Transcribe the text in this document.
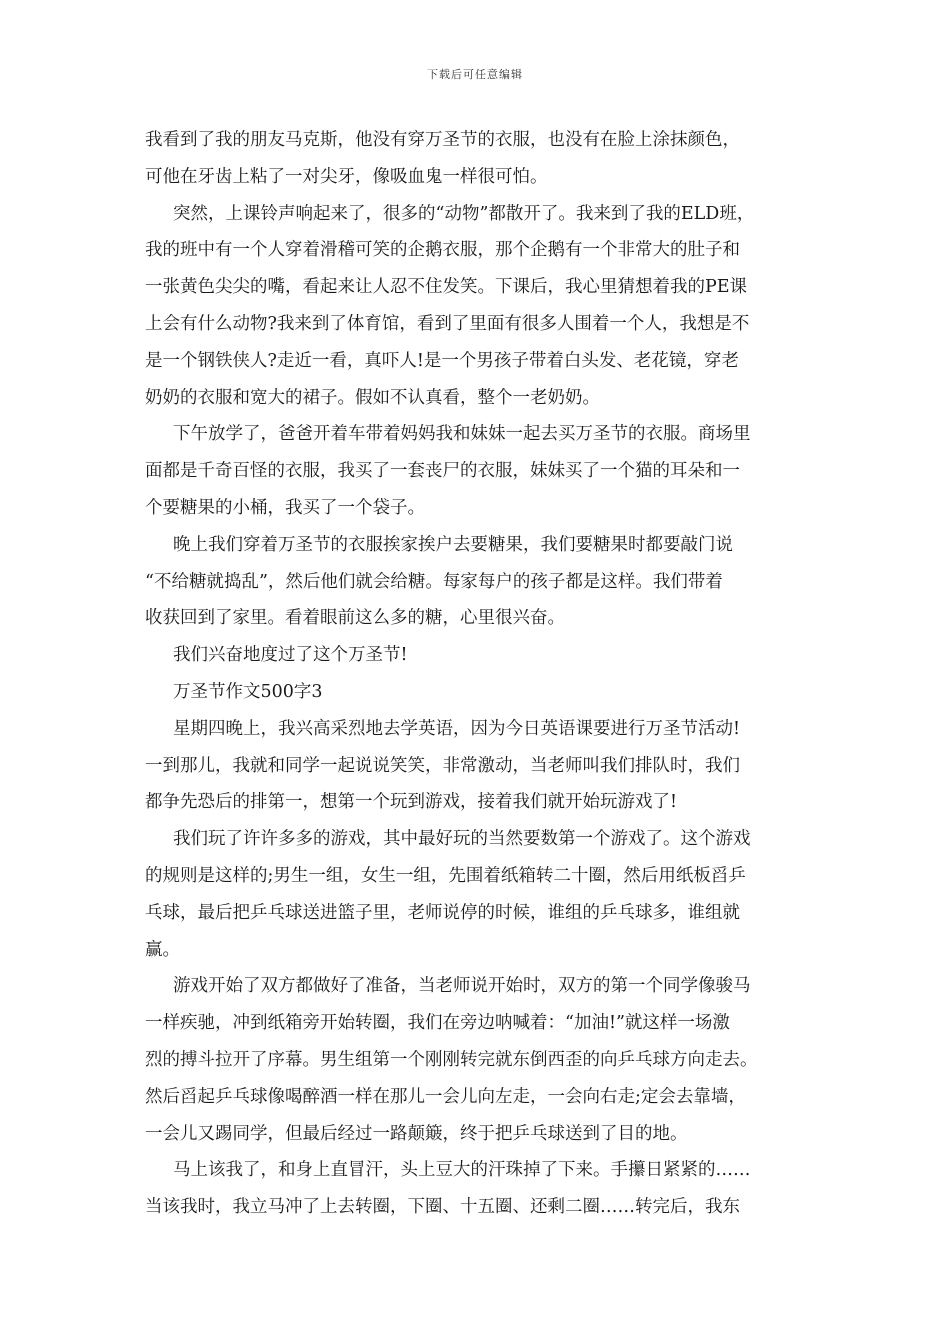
下载后可任意编辑
我看到了我的朋友马克斯，他没有穿万圣节的衣服，也没有在脸上涂抹颜色，
可他在牙齿上粘了一对尖牙，像吸血鬼一样很可怕。
突然，上课铃声响起来了，很多的“动物”都散开了。我来到了我的ELD班，
我的班中有一个人穿着滑稽可笑的企鹅衣服，那个企鹅有一个非常大的肚子和
一张黄色尖尖的嘴，看起来让人忍不住发笑。下课后，我心里猜想着我的PE课
上会有什么动物?我来到了体育馆，看到了里面有很多人围着一个人，我想是不
是一个钢铁侠人?走近一看，真吓人!是一个男孩子带着白头发、老花镜，穿老
奶奶的衣服和宽大的裙子。假如不认真看，整个一老奶奶。
下午放学了，爸爸开着车带着妈妈我和妹妹一起去买万圣节的衣服。商场里
面都是千奇百怪的衣服，我买了一套丧尸的衣服，妹妹买了一个猫的耳朵和一
个要糖果的小桶，我买了一个袋子。
晚上我们穿着万圣节的衣服挨家挨户去要糖果，我们要糖果时都要敲门说
“不给糖就捣乱”，然后他们就会给糖。每家每户的孩子都是这样。我们带着
收获回到了家里。看着眼前这么多的糖，心里很兴奋。
我们兴奋地度过了这个万圣节!
万圣节作文500字3
星期四晚上，我兴高采烈地去学英语，因为今日英语课要进行万圣节活动!
一到那儿，我就和同学一起说说笑笑，非常激动，当老师叫我们排队时，我们
都争先恐后的排第一，想第一个玩到游戏，接着我们就开始玩游戏了!
我们玩了许许多多的游戏，其中最好玩的当然要数第一个游戏了。这个游戏
的规则是这样的;男生一组，女生一组，先围着纸箱转二十圈，然后用纸板舀乒
乓球，最后把乒乓球送进篮子里，老师说停的时候，谁组的乒乓球多，谁组就
赢。
游戏开始了双方都做好了准备，当老师说开始时，双方的第一个同学像骏马
一样疾驰，冲到纸箱旁开始转圈，我们在旁边呐喊着：“加油!”就这样一场激
烈的搏斗拉开了序幕。男生组第一个刚刚转完就东倒西歪的向乒乓球方向走去。
然后舀起乒乓球像喝醉酒一样在那儿一会儿向左走，一会向右走;定会去靠墙，
一会儿又踢同学，但最后经过一路颠簸，终于把乒乓球送到了目的地。
马上该我了，和身上直冒汗，头上豆大的汗珠掉了下来。手攥日紧紧的……
当该我时，我立马冲了上去转圈，下圈、十五圈、还剩二圈……转完后，我东
